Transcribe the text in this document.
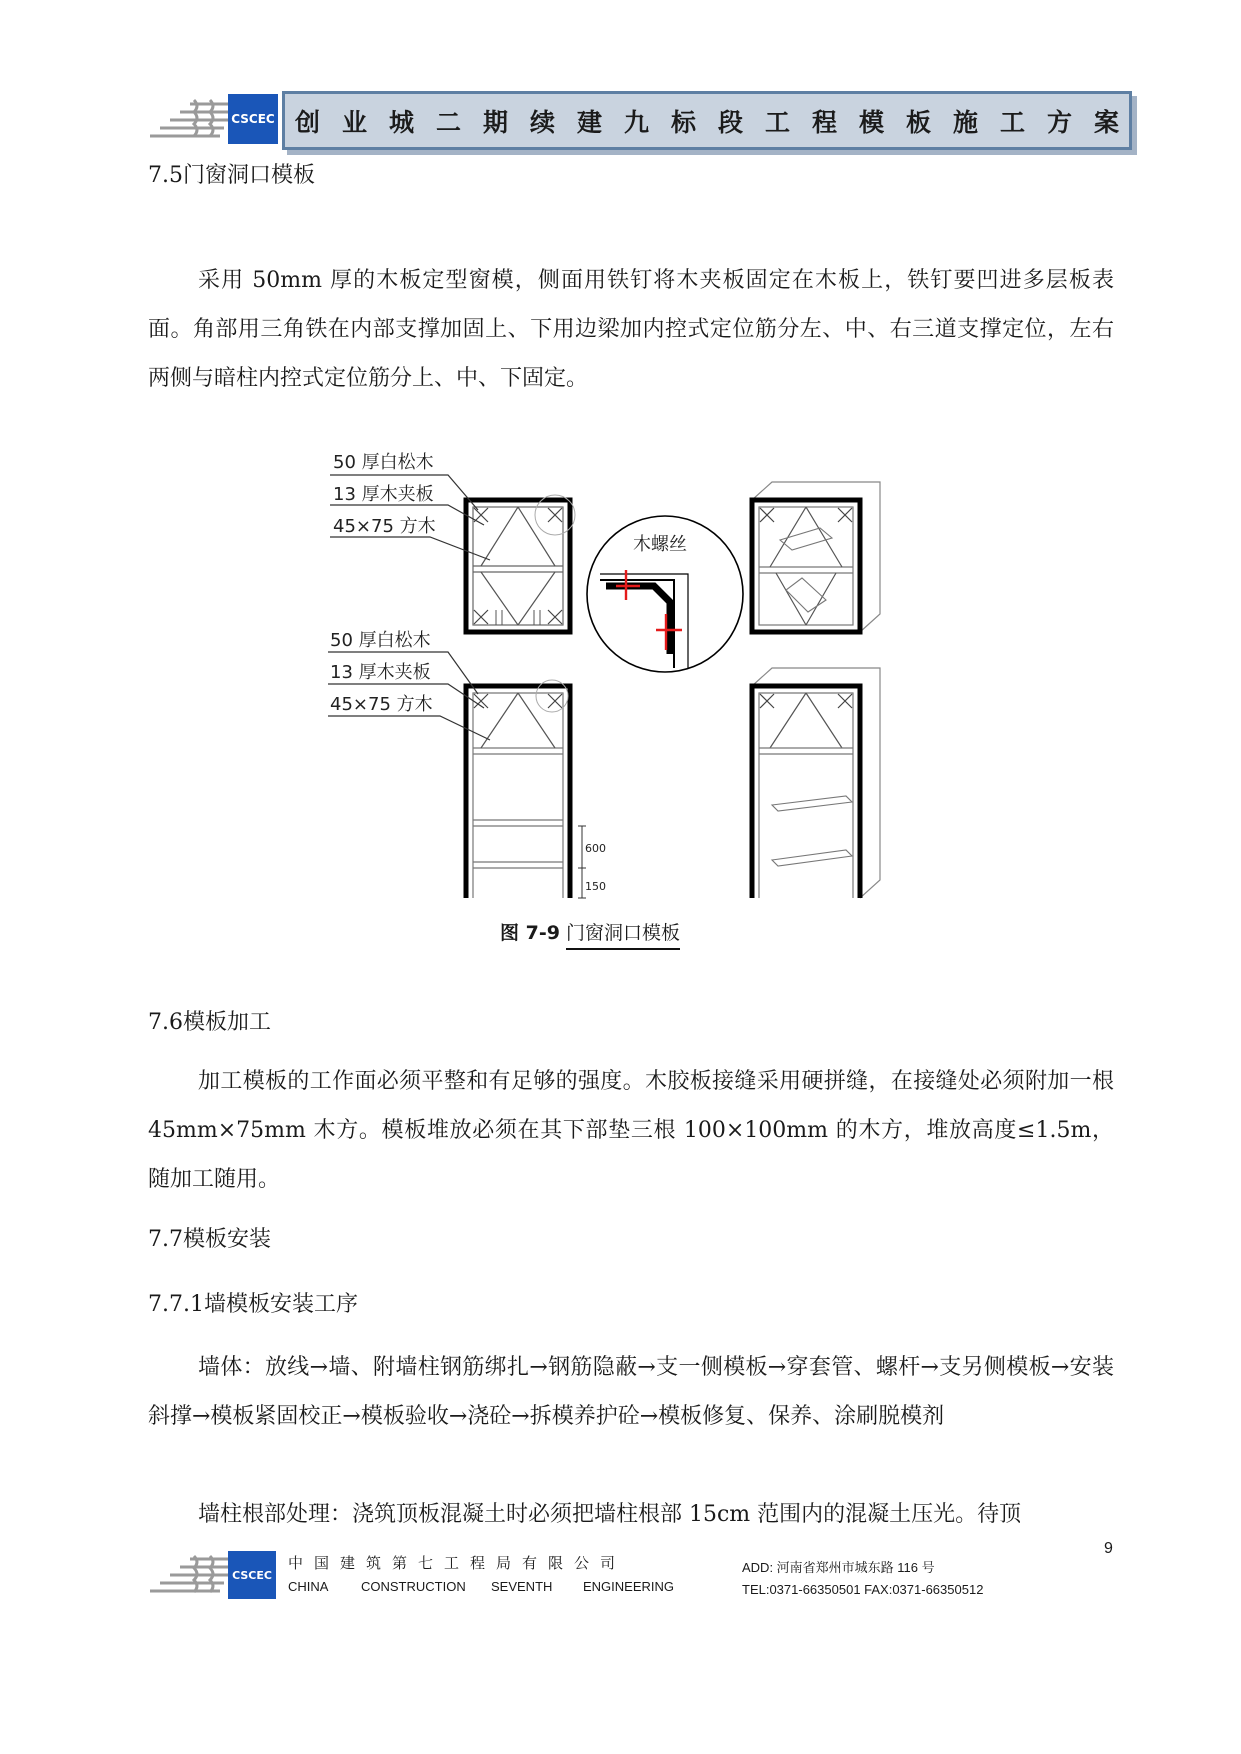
CSCEC 创业城二期续建九标段工程模板施工方案
7.5门窗洞口模板
采用 50mm 厚的木板定型窗模，侧面用铁钉将木夹板固定在木板上，铁钉要凹进多层板表面。角部用三角铁在内部支撑加固上、下用边梁加内控式定位筋分左、中、右三道支撑定位，左右两侧与暗柱内控式定位筋分上、中、下固定。
50 厚白松木
13 厚木夹板
45×75 方木
木螺丝
600
150
50 厚白松木
13 厚木夹板
45×75 方木
图 7-9 门窗洞口模板
7.6模板加工
加工模板的工作面必须平整和有足够的强度。木胶板接缝采用硬拼缝，在接缝处必须附加一根 45mm×75mm 木方。模板堆放必须在其下部垫三根 100×100mm 的木方，堆放高度≤1.5m，随加工随用。
7.7模板安装
7.7.1墙模板安装工序
墙体：放线→墙、附墙柱钢筋绑扎→钢筋隐蔽→支一侧模板→穿套管、螺杆→支另侧模板→安装斜撑→模板紧固校正→模板验收→浇砼→拆模养护砼→模板修复、保养、涂刷脱模剂
墙柱根部处理：浇筑顶板混凝土时必须把墙柱根部 15cm 范围内的混凝土压光。待顶
CSCEC
中国建筑第七工程局有限公司
CHINA	CONSTRUCTION	SEVENTH	ENGINEERING
ADD: 河南省郑州市城东路 116 号
TEL:0371-66350501 FAX:0371-66350512
9
